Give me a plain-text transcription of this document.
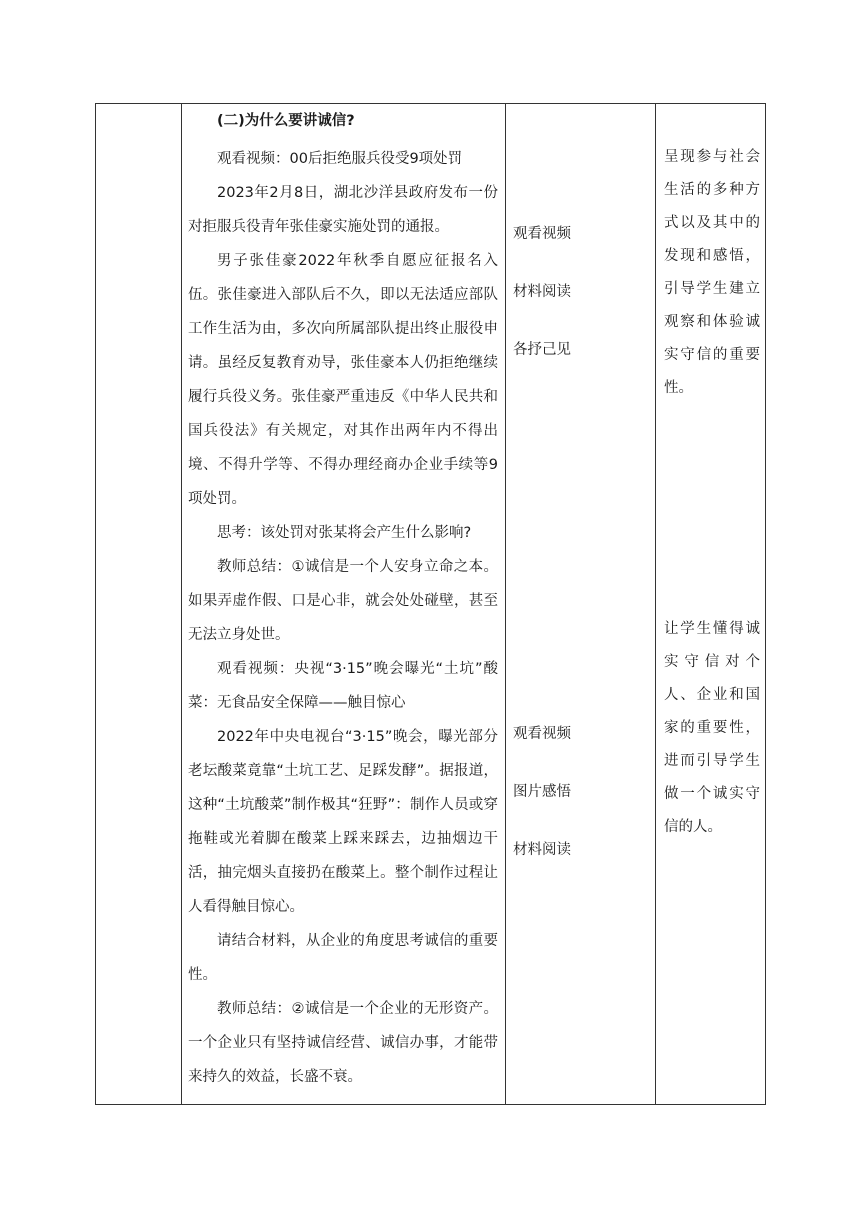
(二)为什么要讲诚信?

观看视频：00后拒绝服兵役受9项处罚

2023年2月8日，湖北沙洋县政府发布一份对拒服兵役青年张佳豪实施处罚的通报。

男子张佳豪2022年秋季自愿应征报名入伍。张佳豪进入部队后不久，即以无法适应部队工作生活为由，多次向所属部队提出终止服役申请。虽经反复教育劝导，张佳豪本人仍拒绝继续履行兵役义务。张佳豪严重违反《中华人民共和国兵役法》有关规定，对其作出两年内不得出境、不得升学等、不得办理经商办企业手续等9项处罚。

思考：该处罚对张某将会产生什么影响?

教师总结：①诚信是一个人安身立命之本。如果弄虚作假、口是心非，就会处处碰壁，甚至无法立身处世。

观看视频：央视“3·15”晚会曝光“土坑”酸菜：无食品安全保障——触目惊心

2022年中央电视台“3·15”晚会，曝光部分老坛酸菜竟靠“土坑工艺、足踩发酵”。据报道，这种“土坑酸菜”制作极其“狂野”：制作人员或穿拖鞋或光着脚在酸菜上踩来踩去，边抽烟边干活，抽完烟头直接扔在酸菜上。整个制作过程让人看得触目惊心。

请结合材料，从企业的角度思考诚信的重要性。

教师总结：②诚信是一个企业的无形资产。一个企业只有坚持诚信经营、诚信办事，才能带来持久的效益，长盛不衰。

观看视频

材料阅读

各抒己见

观看视频

图片感悟

材料阅读

呈现参与社会生活的多种方式以及其中的发现和感悟，引导学生建立观察和体验诚实守信的重要性。

让学生懂得诚实守信对个人、企业和国家的重要性，进而引导学生做一个诚实守信的人。
